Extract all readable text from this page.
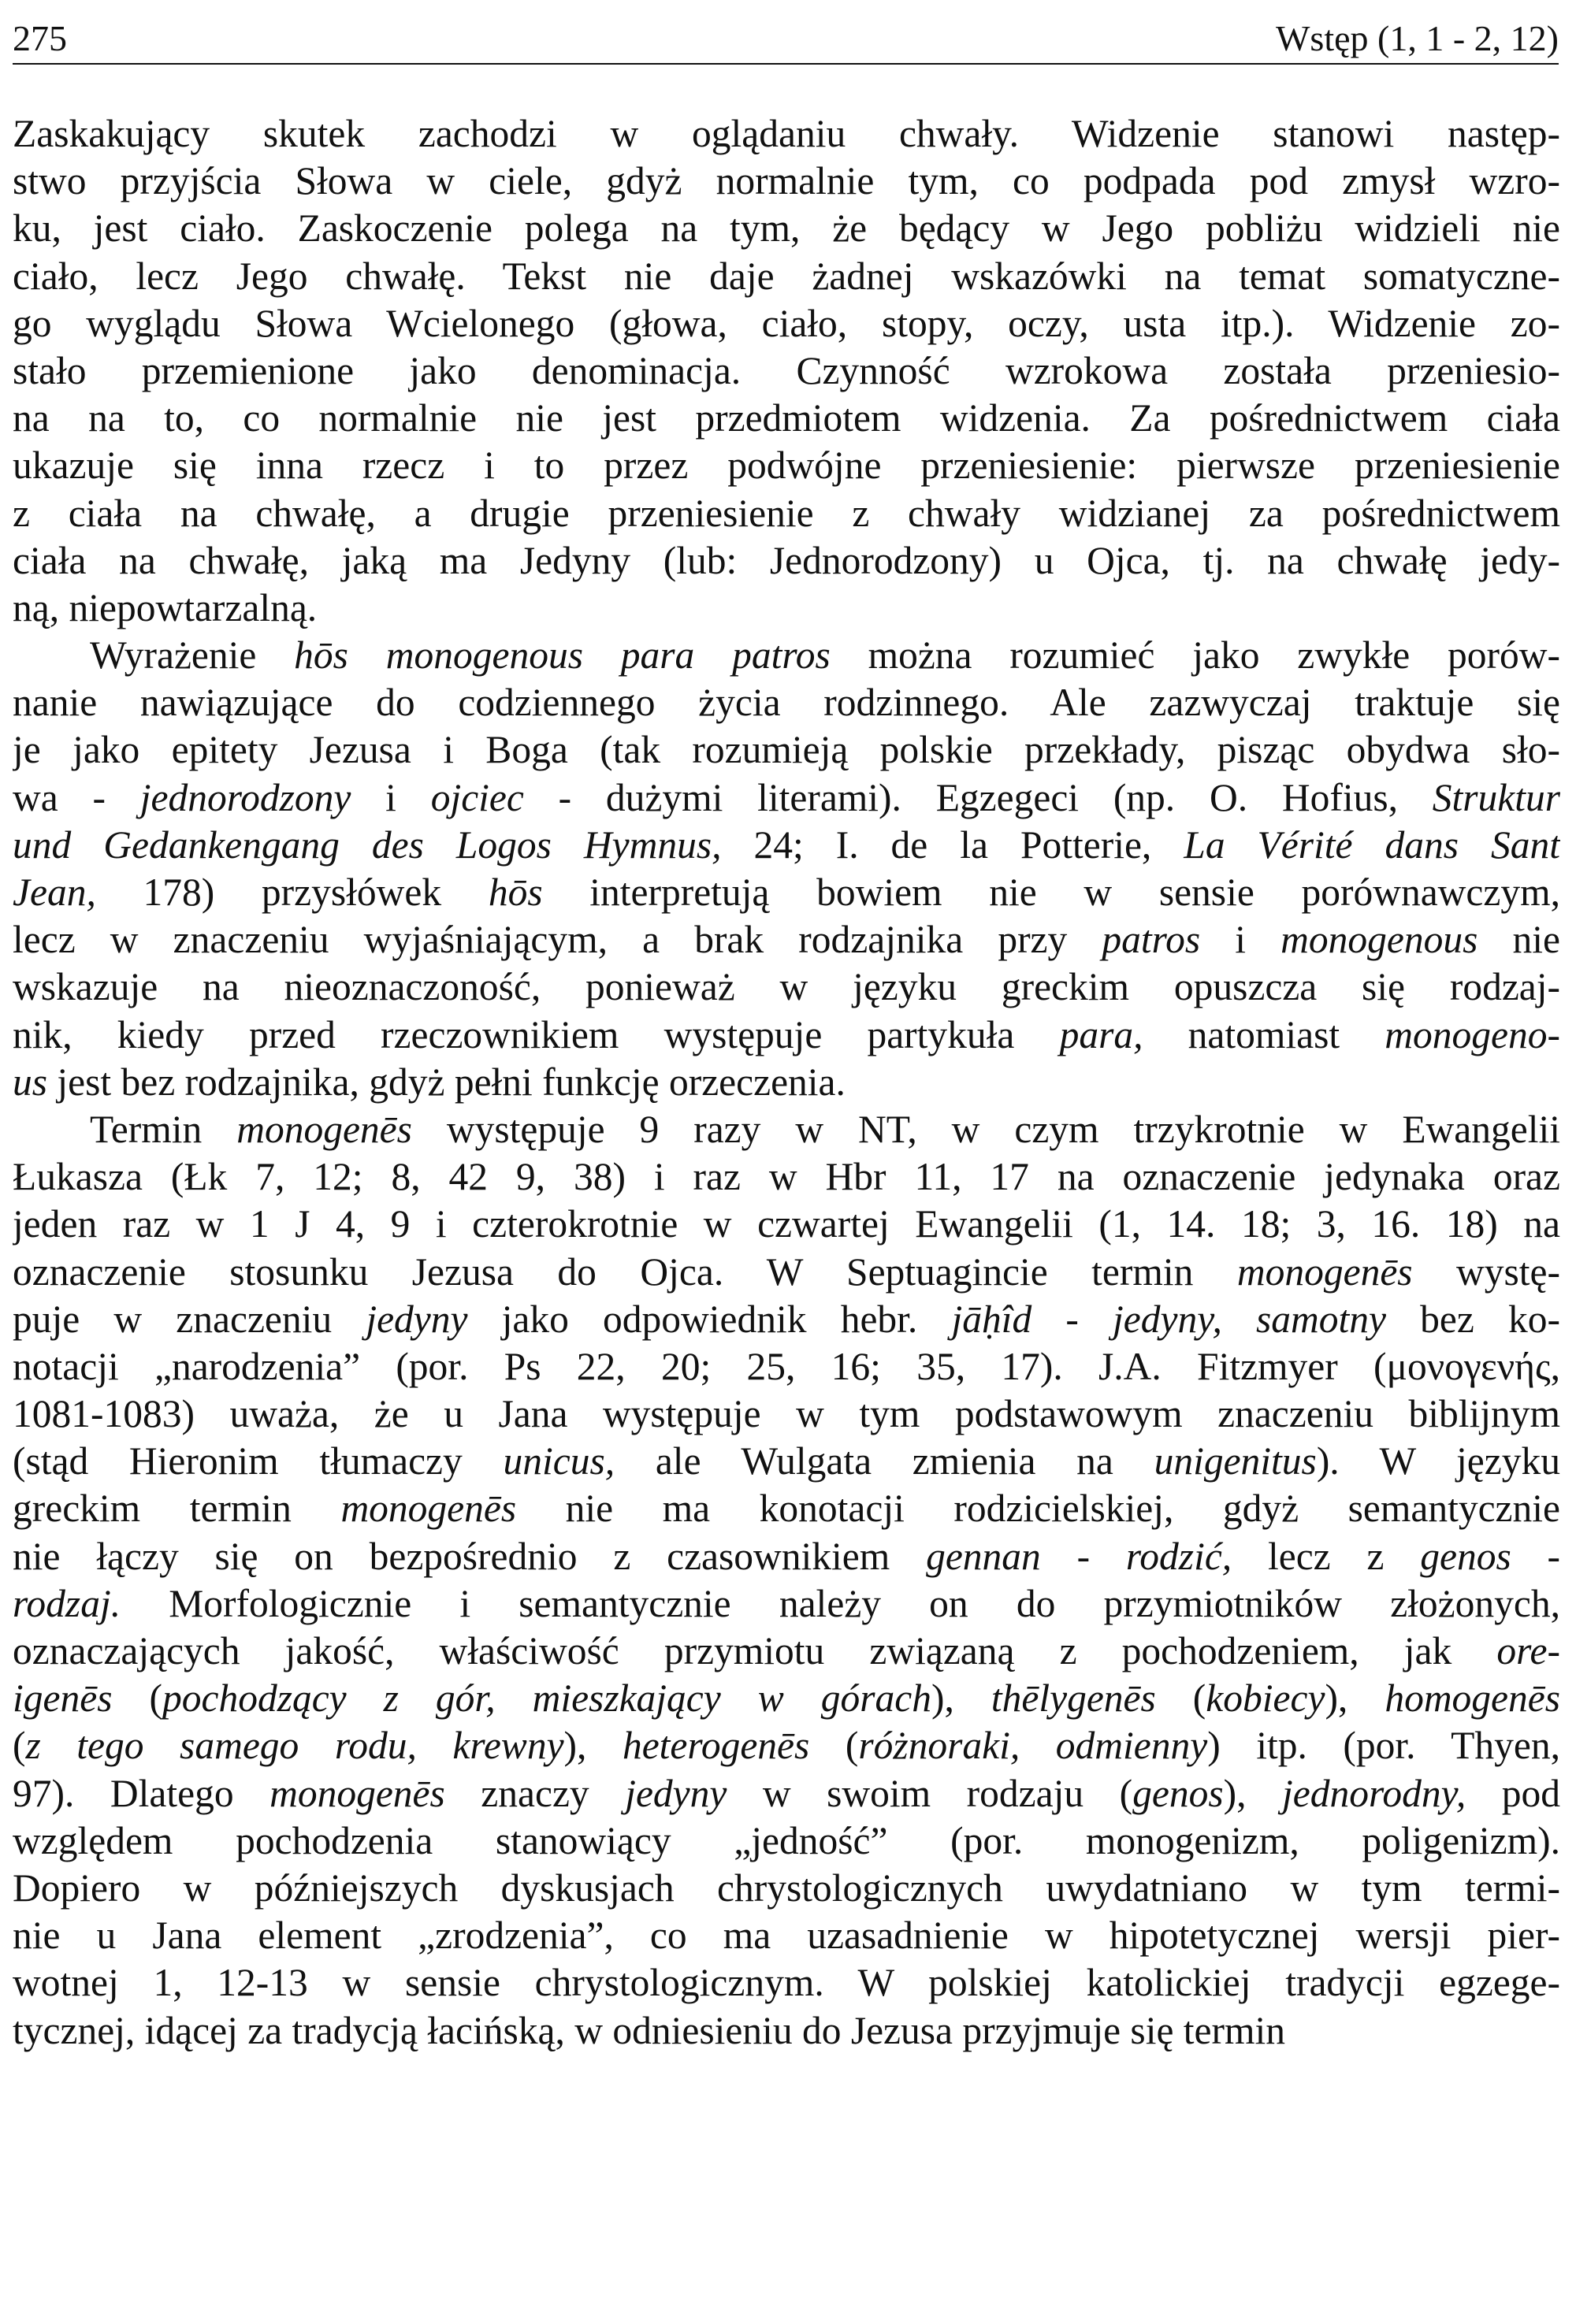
275	Wstęp (1, 1 - 2, 12)
Zaskakujący skutek zachodzi w oglądaniu chwały. Widzenie stanowi następ-
stwo przyjścia Słowa w ciele, gdyż normalnie tym, co podpada pod zmysł wzro-
ku, jest ciało. Zaskoczenie polega na tym, że będący w Jego pobliżu widzieli nie
ciało, lecz Jego chwałę. Tekst nie daje żadnej wskazówki na temat somatyczne-
go wyglądu Słowa Wcielonego (głowa, ciało, stopy, oczy, usta itp.). Widzenie zo-
stało przemienione jako denominacja. Czynność wzrokowa została przeniesio-
na na to, co normalnie nie jest przedmiotem widzenia. Za pośrednictwem ciała
ukazuje się inna rzecz i to przez podwójne przeniesienie: pierwsze przeniesienie
z ciała na chwałę, a drugie przeniesienie z chwały widzianej za pośrednictwem
ciała na chwałę, jaką ma Jedyny (lub: Jednorodzony) u Ojca, tj. na chwałę jedy-
ną, niepowtarzalną.
Wyrażenie hōs monogenous para patros można rozumieć jako zwykłe porów-
nanie nawiązujące do codziennego życia rodzinnego. Ale zazwyczaj traktuje się
je jako epitety Jezusa i Boga (tak rozumieją polskie przekłady, pisząc obydwa sło-
wa - jednorodzony i ojciec - dużymi literami). Egzegeci (np. O. Hofius, Struktur
und Gedankengang des Logos Hymnus, 24; I. de la Potterie, La Vérité dans Sant
Jean, 178) przysłówek hōs interpretują bowiem nie w sensie porównawczym,
lecz w znaczeniu wyjaśniającym, a brak rodzajnika przy patros i monogenous nie
wskazuje na nieoznaczoność, ponieważ w języku greckim opuszcza się rodzaj-
nik, kiedy przed rzeczownikiem występuje partykuła para, natomiast monogeno-
us jest bez rodzajnika, gdyż pełni funkcję orzeczenia.
Termin monogenēs występuje 9 razy w NT, w czym trzykrotnie w Ewangelii
Łukasza (Łk 7, 12; 8, 42 9, 38) i raz w Hbr 11, 17 na oznaczenie jedynaka oraz
jeden raz w 1 J 4, 9 i czterokrotnie w czwartej Ewangelii (1, 14. 18; 3, 16. 18) na
oznaczenie stosunku Jezusa do Ojca. W Septuagincie termin monogenēs wystę-
puje w znaczeniu jedyny jako odpowiednik hebr. jāḥîd - jedyny, samotny bez ko-
notacji „narodzenia” (por. Ps 22, 20; 25, 16; 35, 17). J.A. Fitzmyer (μονογενής,
1081-1083) uważa, że u Jana występuje w tym podstawowym znaczeniu biblijnym
(stąd Hieronim tłumaczy unicus, ale Wulgata zmienia na unigenitus). W języku
greckim termin monogenēs nie ma konotacji rodzicielskiej, gdyż semantycznie
nie łączy się on bezpośrednio z czasownikiem gennan - rodzić, lecz z genos -
rodzaj. Morfologicznie i semantycznie należy on do przymiotników złożonych,
oznaczających jakość, właściwość przymiotu związaną z pochodzeniem, jak ore-
igenēs (pochodzący z gór, mieszkający w górach), thēlygenēs (kobiecy), homogenēs
(z tego samego rodu, krewny), heterogenēs (różnoraki, odmienny) itp. (por. Thyen,
97). Dlatego monogenēs znaczy jedyny w swoim rodzaju (genos), jednorodny, pod
względem pochodzenia stanowiący „jedność” (por. monogenizm, poligenizm).
Dopiero w późniejszych dyskusjach chrystologicznych uwydatniano w tym termi-
nie u Jana element „zrodzenia”, co ma uzasadnienie w hipotetycznej wersji pier-
wotnej 1, 12-13 w sensie chrystologicznym. W polskiej katolickiej tradycji egzege-
tycznej, idącej za tradycją łacińską, w odniesieniu do Jezusa przyjmuje się termin
